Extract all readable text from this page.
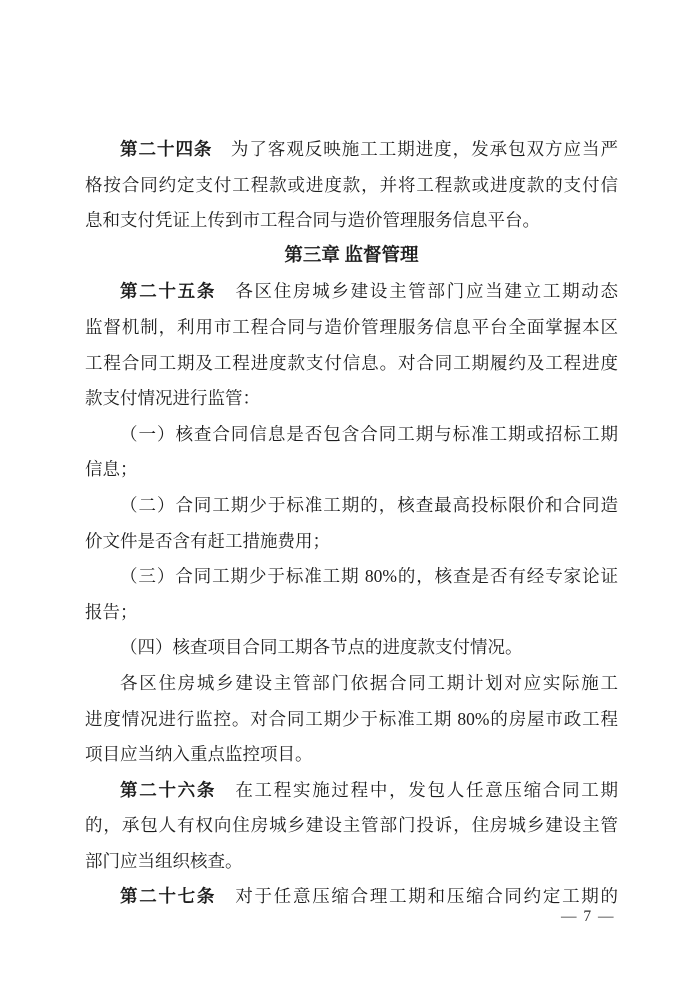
第二十四条　为了客观反映施工工期进度，发承包双方应当严
格按合同约定支付工程款或进度款，并将工程款或进度款的支付信
息和支付凭证上传到市工程合同与造价管理服务信息平台。
第三章 监督管理
第二十五条　各区住房城乡建设主管部门应当建立工期动态
监督机制，利用市工程合同与造价管理服务信息平台全面掌握本区
工程合同工期及工程进度款支付信息。对合同工期履约及工程进度
款支付情况进行监管：
（一）核查合同信息是否包含合同工期与标准工期或招标工期
信息；
（二）合同工期少于标准工期的，核查最高投标限价和合同造
价文件是否含有赶工措施费用；
（三）合同工期少于标准工期 80%的，核查是否有经专家论证
报告；
（四）核查项目合同工期各节点的进度款支付情况。
各区住房城乡建设主管部门依据合同工期计划对应实际施工
进度情况进行监控。对合同工期少于标准工期 80%的房屋市政工程
项目应当纳入重点监控项目。
第二十六条　在工程实施过程中，发包人任意压缩合同工期
的，承包人有权向住房城乡建设主管部门投诉，住房城乡建设主管
部门应当组织核查。
第二十七条　对于任意压缩合理工期和压缩合同约定工期的
— 7 —
